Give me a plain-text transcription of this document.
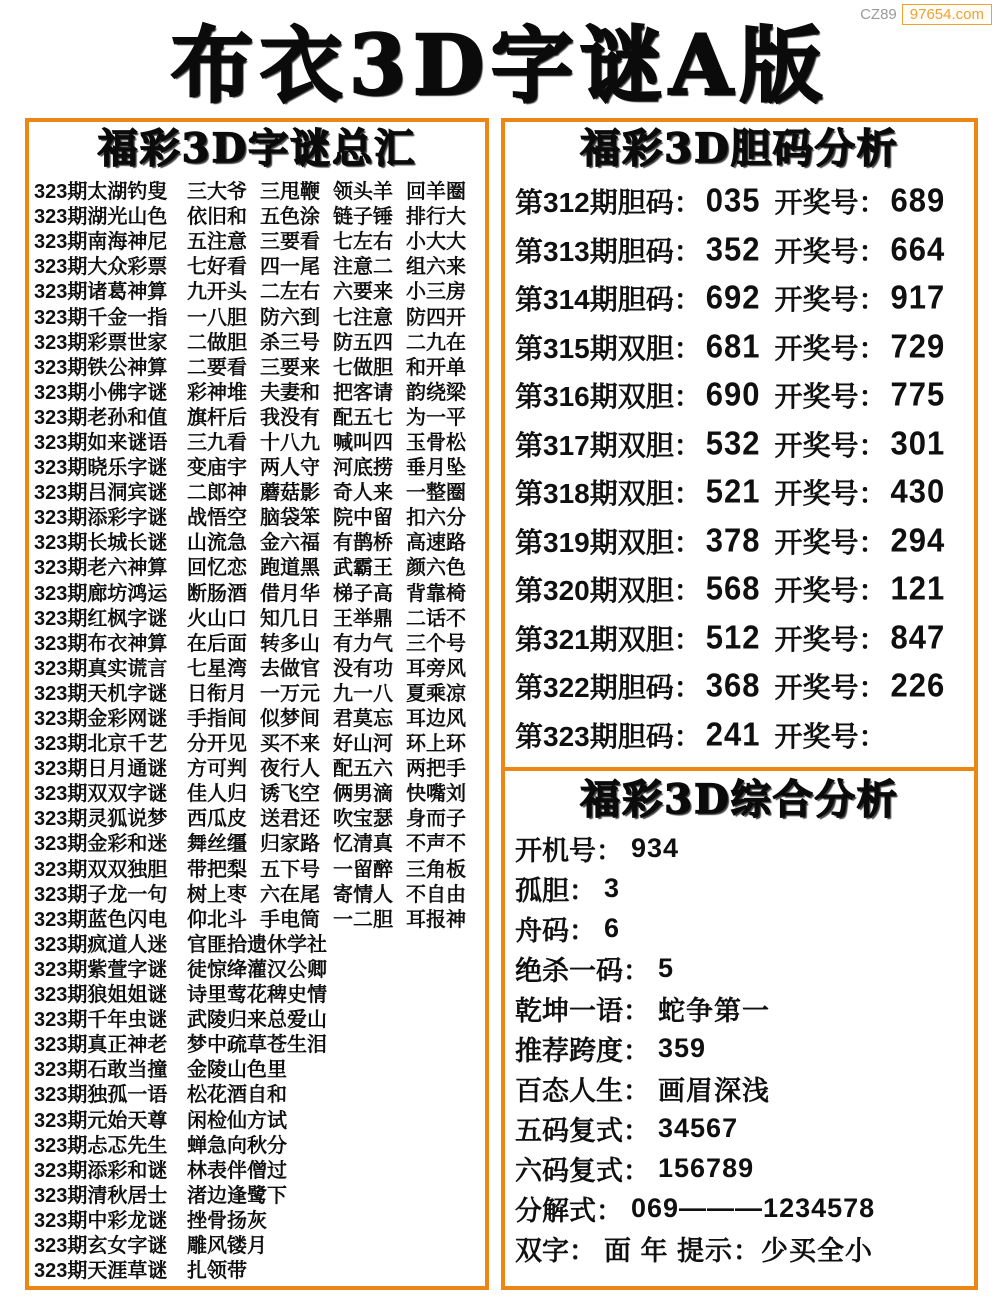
CZ89 97654.com
布衣3D字谜A版
福彩3D字谜总汇
323期太湖钓叟 三大爷 三甩鞭 领头羊 回羊圈
323期湖光山色 依旧和 五色涂 链子锤 排行大
323期南海神尼 五注意 三要看 七左右 小大大
323期大众彩票 七好看 四一尾 注意二 组六来
323期诸葛神算 九开头 二左右 六要来 小三房
323期千金一指 一八胆 防六到 七注意 防四开
323期彩票世家 二做胆 杀三号 防五四 二九在
323期铁公神算 二要看 三要来 七做胆 和开单
323期小佛字谜 彩神堆 夫妻和 把客请 韵绕梁
323期老孙和值 旗杆后 我没有 配五七 为一平
323期如来谜语 三九看 十八九 喊叫四 玉骨松
323期晓乐字谜 变庙宇 两人守 河底捞 垂月坠
323期吕洞宾谜 二郎神 蘑菇影 奇人来 一整圈
323期添彩字谜 战悟空 脑袋笨 院中留 扣六分
323期长城长谜 山流急 金六福 有鹊桥 高速路
323期老六神算 回忆恋 跑道黑 武霸王 颜六色
323期廊坊鸿运 断肠酒 借月华 梯子高 背靠椅
323期红枫字谜 火山口 知几日 王举鼎 二话不
323期布衣神算 在后面 转多山 有力气 三个号
323期真实谎言 七星湾 去做官 没有功 耳旁风
323期天机字谜 日衔月 一万元 九一八 夏乘凉
323期金彩网谜 手指间 似梦间 君莫忘 耳边风
323期北京千艺 分开见 买不来 好山河 环上环
323期日月通谜 方可判 夜行人 配五六 两把手
323期双双字谜 佳人归 诱飞空 俩男滴 快嘴刘
323期灵狐说梦 西瓜皮 送君还 吹宝瑟 身而子
323期金彩和迷 舞丝缰 归家路 忆清真 不声不
323期双双独胆 带把梨 五下号 一留醉 三角板
323期子龙一句 树上枣 六在尾 寄情人 不自由
323期蓝色闪电 仰北斗 手电筒 一二胆 耳报神
323期疯道人迷 官匪拾遗休学社
323期紫萱字谜 徒惊绛灌汉公卿
323期狼姐姐谜 诗里莺花稗史情
323期千年虫谜 武陵归来总爱山
323期真正神老 梦中疏草苍生泪
323期石敢当撞 金陵山色里
323期独孤一语 松花酒自和
323期元始天尊 闲检仙方试
323期忐忑先生 蝉急向秋分
323期添彩和谜 林表伴僧过
323期清秋居士 渚边逢鹭下
323期中彩龙谜 挫骨扬灰
323期玄女字谜 雕风镂月
323期天涯草谜 扎领带
福彩3D胆码分析
第312期胆码： 035 开奖号： 689
第313期胆码： 352 开奖号： 664
第314期胆码： 692 开奖号： 917
第315期双胆： 681 开奖号： 729
第316期双胆： 690 开奖号： 775
第317期双胆： 532 开奖号： 301
第318期双胆： 521 开奖号： 430
第319期双胆： 378 开奖号： 294
第320期双胆： 568 开奖号： 121
第321期双胆： 512 开奖号： 847
第322期胆码： 368 开奖号： 226
第323期胆码： 241 开奖号：
福彩3D综合分析
开机号： 934
孤胆： 3
舟码： 6
绝杀一码： 5
乾坤一语： 蛇争第一
推荐跨度： 359
百态人生： 画眉深浅
五码复式： 34567
六码复式： 156789
分解式： 069———1234578
双字： 面 年 提示：少买全小
